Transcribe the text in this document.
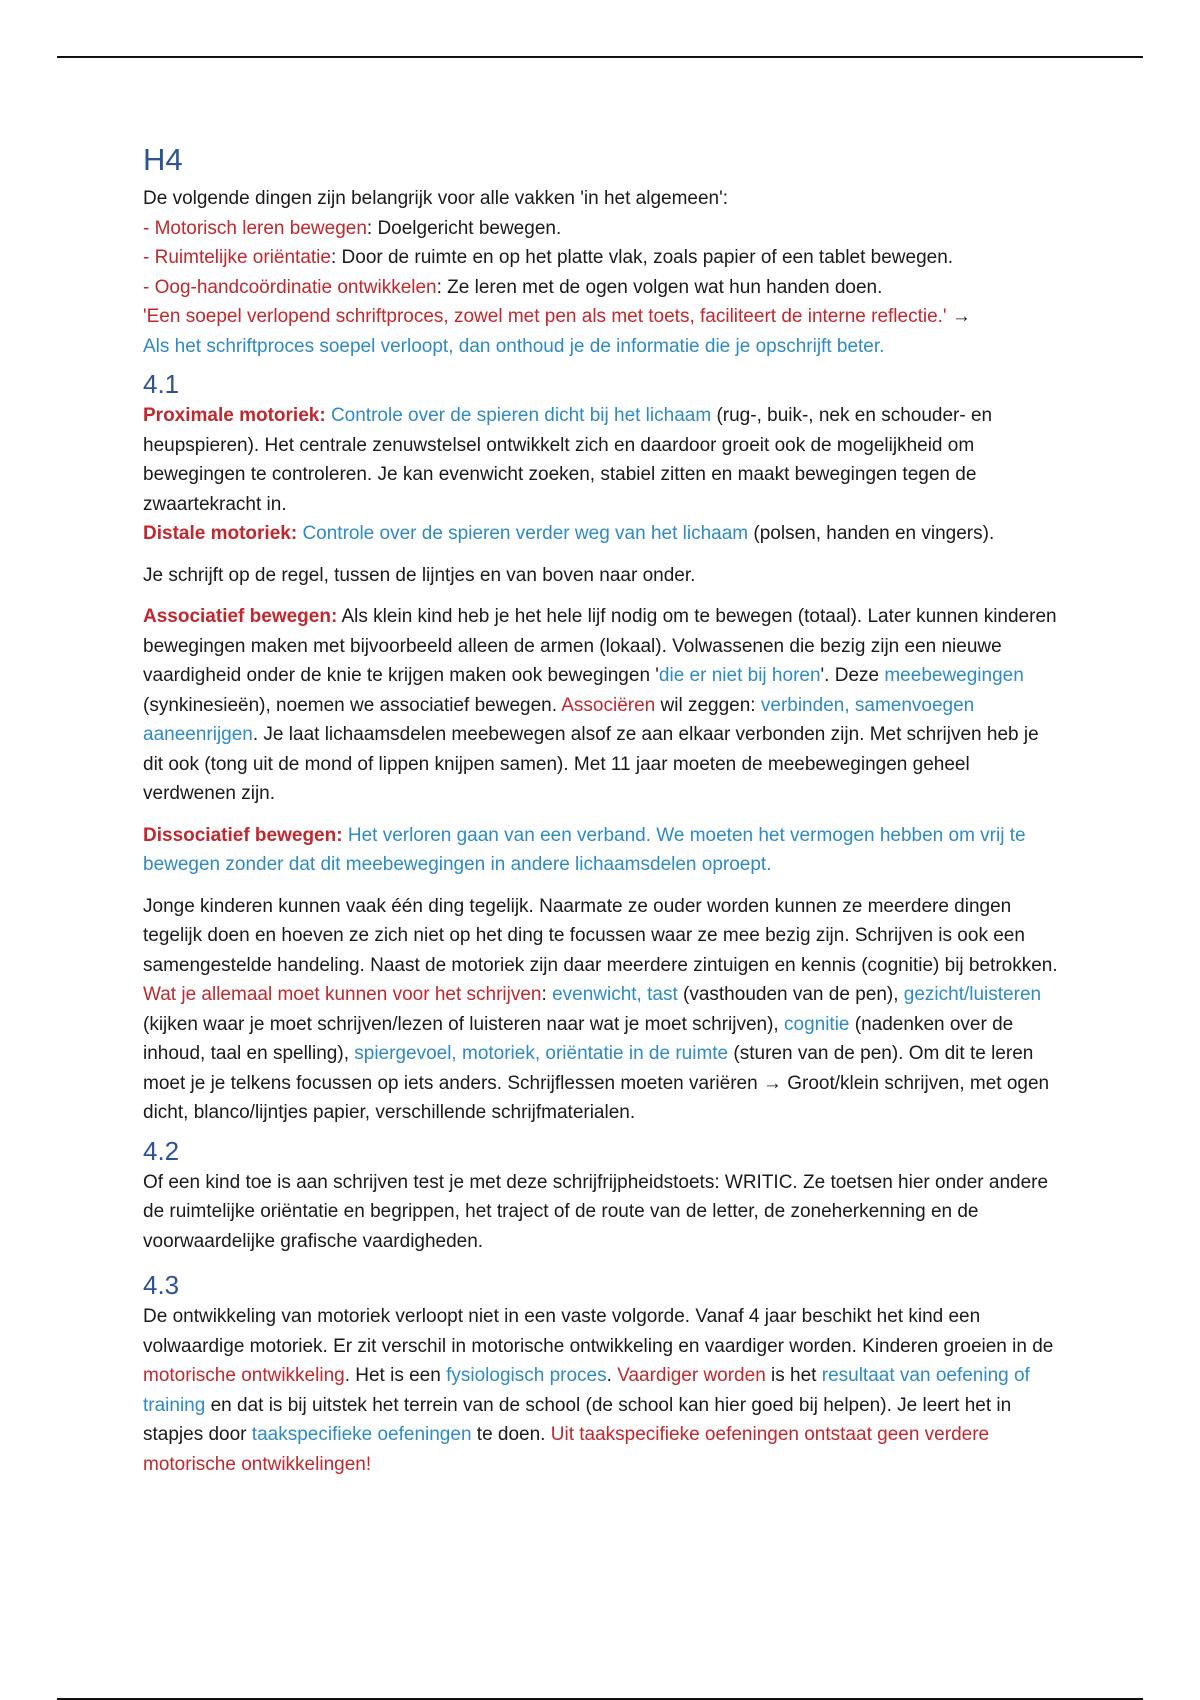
H4

De volgende dingen zijn belangrijk voor alle vakken 'in het algemeen':

- Motorisch leren bewegen: Doelgericht bewegen.

- Ruimtelijke oriëntatie: Door de ruimte en op het platte vlak, zoals papier of een tablet bewegen.

- Oog-handcoördinatie ontwikkelen: Ze leren met de ogen volgen wat hun handen doen.

'Een soepel verlopend schriftproces, zowel met pen als met toets, faciliteert de interne reflectie.' →
Als het schriftproces soepel verloopt, dan onthoud je de informatie die je opschrijft beter.

4.1

Proximale motoriek: Controle over de spieren dicht bij het lichaam (rug-, buik-, nek en schouder- en heupspieren). Het centrale zenuwstelsel ontwikkelt zich en daardoor groeit ook de mogelijkheid om bewegingen te controleren. Je kan evenwicht zoeken, stabiel zitten en maakt bewegingen tegen de zwaartekracht in.

Distale motoriek: Controle over de spieren verder weg van het lichaam (polsen, handen en vingers).

Je schrijft op de regel, tussen de lijntjes en van boven naar onder.

Associatief bewegen: Als klein kind heb je het hele lijf nodig om te bewegen (totaal). Later kunnen kinderen bewegingen maken met bijvoorbeeld alleen de armen (lokaal). Volwassenen die bezig zijn een nieuwe vaardigheid onder de knie te krijgen maken ook bewegingen 'die er niet bij horen'. Deze meebewegingen (synkinesieën), noemen we associatief bewegen. Associëren wil zeggen: verbinden, samenvoegen aaneenrijgen. Je laat lichaamsdelen meebewegen alsof ze aan elkaar verbonden zijn. Met schrijven heb je dit ook (tong uit de mond of lippen knijpen samen). Met 11 jaar moeten de meebewegingen geheel verdwenen zijn.

Dissociatief bewegen: Het verloren gaan van een verband. We moeten het vermogen hebben om vrij te bewegen zonder dat dit meebewegingen in andere lichaamsdelen oproept.

Jonge kinderen kunnen vaak één ding tegelijk. Naarmate ze ouder worden kunnen ze meerdere dingen tegelijk doen en hoeven ze zich niet op het ding te focussen waar ze mee bezig zijn. Schrijven is ook een samengestelde handeling. Naast de motoriek zijn daar meerdere zintuigen en kennis (cognitie) bij betrokken. Wat je allemaal moet kunnen voor het schrijven: evenwicht, tast (vasthouden van de pen), gezicht/luisteren (kijken waar je moet schrijven/lezen of luisteren naar wat je moet schrijven), cognitie (nadenken over de inhoud, taal en spelling), spiergevoel, motoriek, oriëntatie in de ruimte (sturen van de pen). Om dit te leren moet je je telkens focussen op iets anders. Schrijflessen moeten variëren → Groot/klein schrijven, met ogen dicht, blanco/lijntjes papier, verschillende schrijfmaterialen.

4.2

Of een kind toe is aan schrijven test je met deze schrijfrijpheidstoets: WRITIC. Ze toetsen hier onder andere de ruimtelijke oriëntatie en begrippen, het traject of de route van de letter, de zoneherkenning en de voorwaardelijke grafische vaardigheden.

4.3

De ontwikkeling van motoriek verloopt niet in een vaste volgorde. Vanaf 4 jaar beschikt het kind een volwaardige motoriek. Er zit verschil in motorische ontwikkeling en vaardiger worden. Kinderen groeien in de motorische ontwikkeling. Het is een fysiologisch proces. Vaardiger worden is het resultaat van oefening of training en dat is bij uitstek het terrein van de school (de school kan hier goed bij helpen). Je leert het in stapjes door taakspecifieke oefeningen te doen. Uit taakspecifieke oefeningen ontstaat geen verdere motorische ontwikkelingen!
